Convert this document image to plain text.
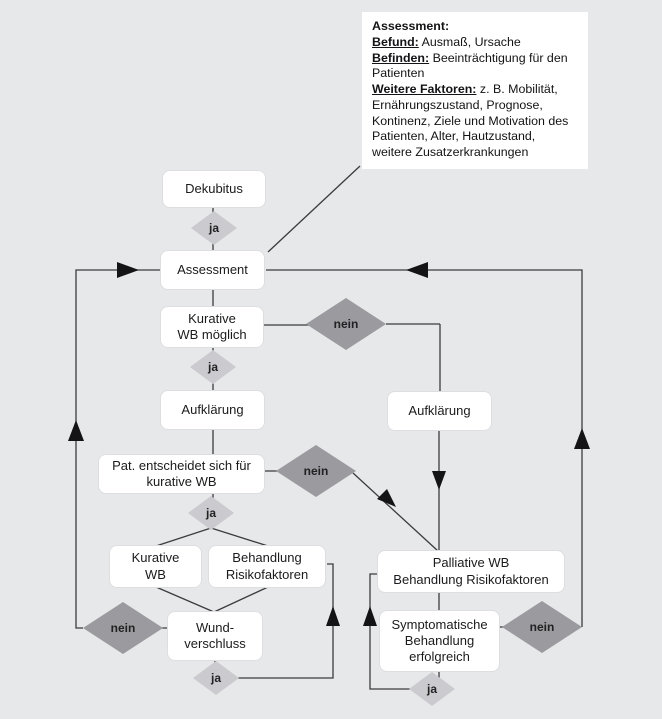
Assessment:

Befund: Ausmaß, Ursache

Befinden: Beeinträchtigung für den Patienten

Weitere Faktoren: z. B. Mobilität, Ernährungszustand, Prognose, Kontinenz, Ziele und Motivation des Patienten, Alter, Hautzustand, weitere Zusatzerkrankungen

Dekubitus
Assessment
Kurative
WB möglich
Aufklärung	Aufklärung
Pat. entscheidet sich für
kurative WB
Kurative
WB
Behandlung
Risikofaktoren
Wund-
verschluss
Palliative WB
Behandlung Risikofaktoren
Symptomatische
Behandlung
erfolgreich
ja
nein
ja
nein
ja
nein
ja
nein
ja
